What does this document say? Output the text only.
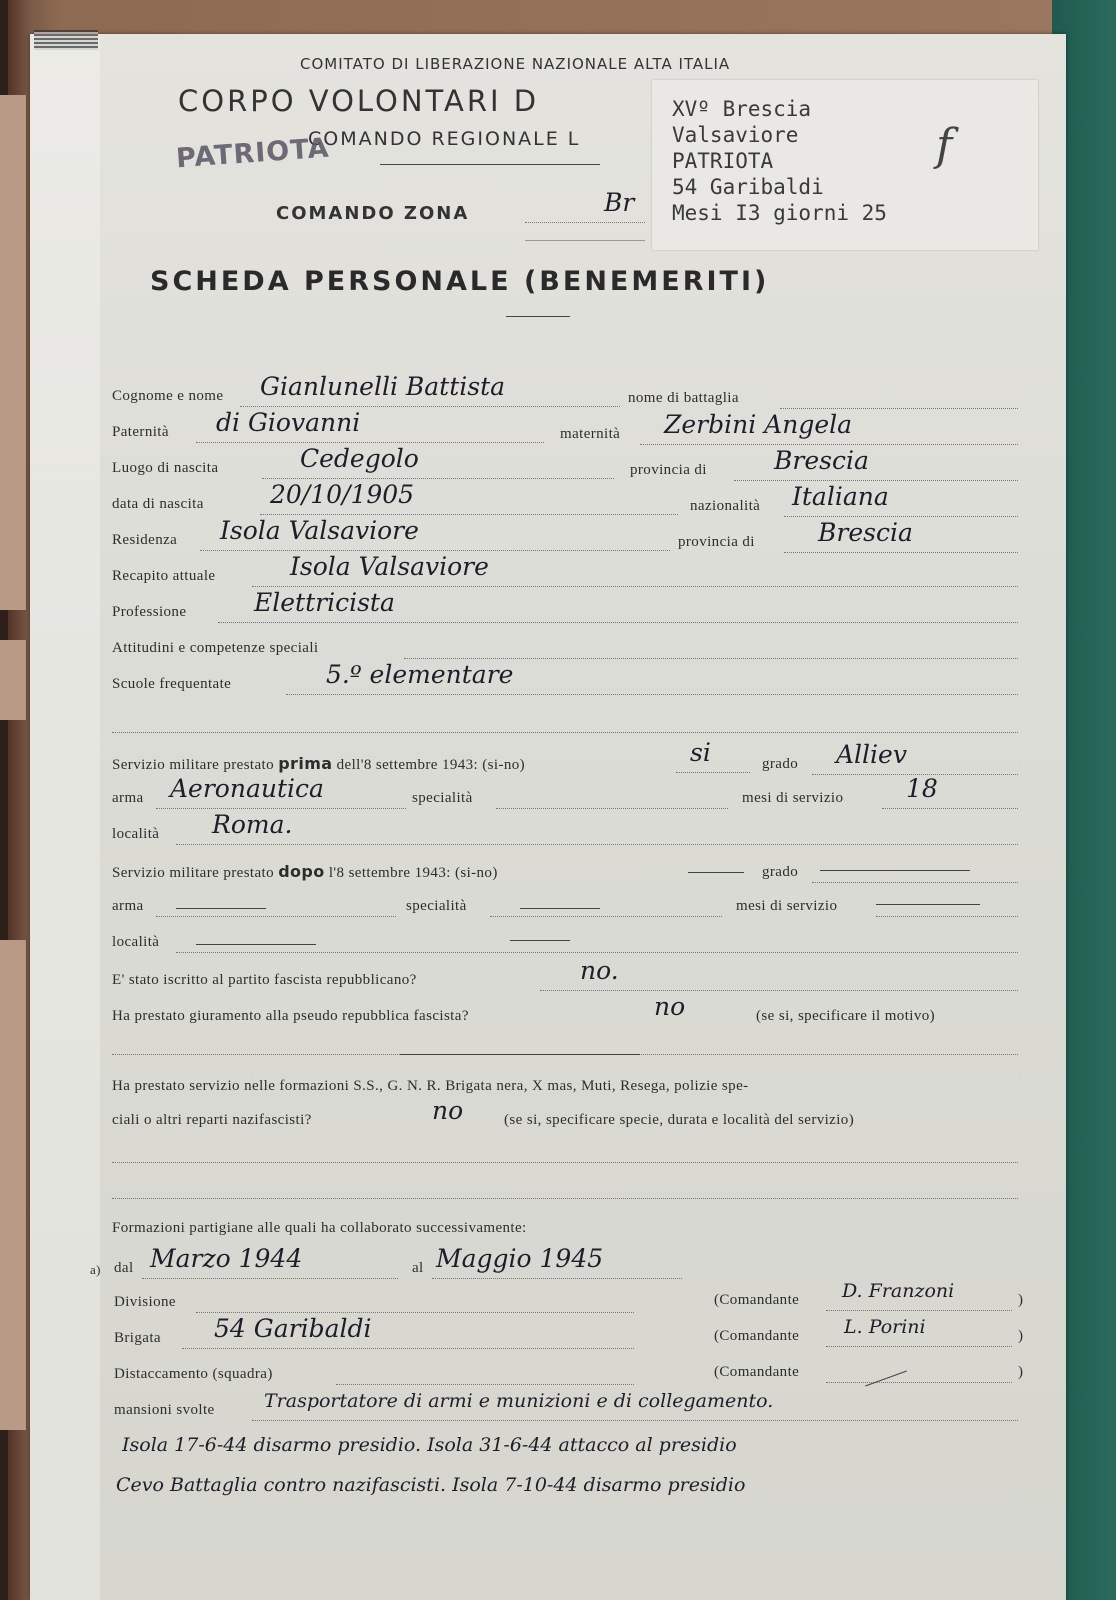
COMITATO DI LIBERAZIONE NAZIONALE ALTA ITALIA
CORPO VOLONTARI D
COMANDO REGIONALE L
PATRIOTA
COMANDO ZONA	Br
SCHEDA PERSONALE (BENEMERITI)
XVº Brescia
Valsaviore
PATRIOTA
54 Garibaldi
Mesi I3 giorni 25
f
Cognome e nome Gianlunelli Battista	nome di battaglia
Paternità di Giovanni	maternità Zerbini Angela
Luogo di nascita	Cedegolo	provincia di	Brescia
data di nascita	20/10/1905	nazionalità Italiana
Residenza Isola Valsaviore	provincia di	Brescia
Recapito attuale	Isola Valsaviore
Professione	Elettricista
Attitudini e competenze speciali
Scuole frequentate	5.º elementare
Servizio militare prestato prima dell'8 settembre 1943: (si-no)	si	grado Alliev
arma Aeronautica	specialità	mesi di servizio	18
località Roma.
Servizio militare prestato dopo l'8 settembre 1943: (si-no)	grado
arma	specialità	mesi di servizio
località
E' stato iscritto al partito fascista repubblicano?	no.
Ha prestato giuramento alla pseudo repubblica fascista?	no	(se si, specificare il motivo)
Ha prestato servizio nelle formazioni S.S., G. N. R. Brigata nera, X mas, Muti, Resega, polizie spe-
ciali o altri reparti nazifascisti?	no	(se si, specificare specie, durata e località del servizio)
Formazioni partigiane alle quali ha collaborato successivamente:
a) dal Marzo 1944	al Maggio 1945
Divisione	(Comandante D. Franzoni	)
Brigata 54 Garibaldi	(Comandante L. Porini	)
Distaccamento (squadra)	(Comandante	)
mansioni svolte	Trasportatore di armi e munizioni e di collegamento.
Isola 17-6-44 disarmo presidio. Isola 31-6-44 attacco al presidio
Cevo Battaglia contro nazifascisti. Isola 7-10-44 disarmo presidio
